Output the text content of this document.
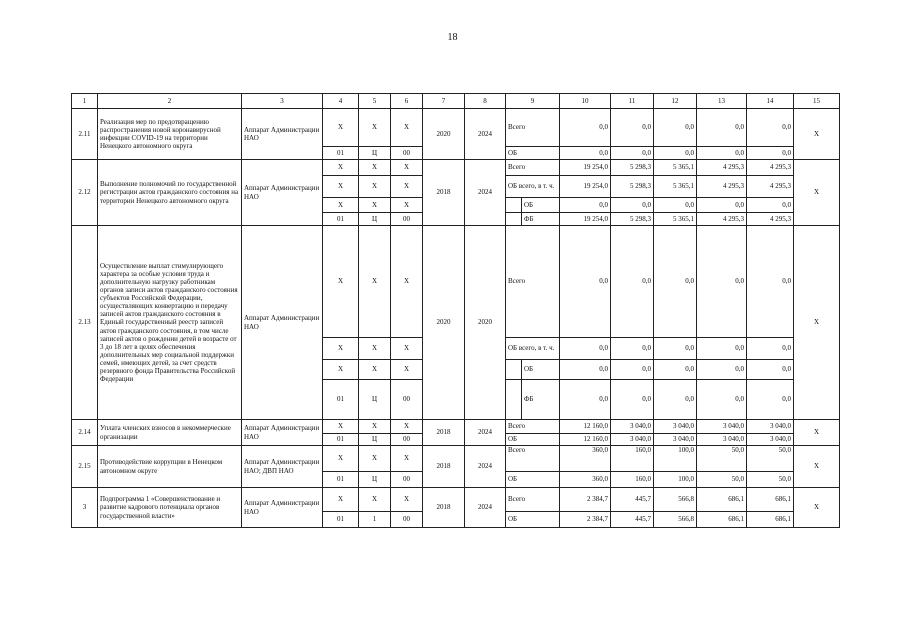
18
1	2	3	4	5	6	7	8	9		10	11	12	13	14	15
2.11	Реализация мер по предотвращению распространения новой коронавирусной инфекции COVID-19 на территории Ненецкого автономного округа	Аппарат Администрации НАО	Х	Х	Х	2020	2024	Всего		0,0	0,0	0,0	0,0	0,0	Х
			01	Ц	00			ОБ		0,0	0,0	0,0	0,0	0,0	
2.12	Выполнение полномочий по государственной регистрации актов гражданского состояния на территории Ненецкого автономного округа	Аппарат Администрации НАО	Х	Х	Х	2018	2024	Всего		19 254,0	5 298,3	5 365,1	4 295,3	4 295,3	Х
			Х	Х	Х			ОБ всего, в т. ч.		19 254,0	5 298,3	5 365,1	4 295,3	4 295,3	
			Х	Х	Х				ОБ	0,0	0,0	0,0	0,0	0,0	
			01	Ц	00				ФБ	19 254,0	5 298,3	5 365,1	4 295,3	4 295,3	
2.13	Осуществление выплат стимулирующего характера за особые условия труда и дополнительную нагрузку работникам органов записи актов гражданского состояния субъектов Российской Федерации, осуществляющих конвертацию и передачу записей актов гражданского состояния в Единый государственный реестр записей актов гражданского состояния, в том числе записей актов о рождении детей в возрасте от 3 до 18 лет в целях обеспечения дополнительных мер социальной поддержки семей, имеющих детей, за счет средств резервного фонда Правительства Российской Федерации	Аппарат Администрации НАО	Х	Х	Х	2020	2020	Всего		0,0	0,0	0,0	0,0	0,0	Х
			Х	Х	Х			ОБ всего, в т. ч.		0,0	0,0	0,0	0,0	0,0	
			Х	Х	Х				ОБ	0,0	0,0	0,0	0,0	0,0	
			01	Ц	00				ФБ	0,0	0,0	0,0	0,0	0,0	
2.14	Уплата членских взносов в некоммерческие организации	Аппарат Администрации НАО	Х	Х	Х	2018	2024	Всего		12 160,0	3 040,0	3 040,0	3 040,0	3 040,0	Х
			01	Ц	00			ОБ		12 160,0	3 040,0	3 040,0	3 040,0	3 040,0	
2.15	Противодействие коррупции в Ненецком автономном округе	Аппарат Администрации НАО; ДВП НАО	Х	Х	Х	2018	2024	Всего		360,0	160,0	100,0	50,0	50,0	Х
			01	Ц	00			ОБ		360,0	160,0	100,0	50,0	50,0	
3	Подпрограмма 1 «Совершенствование и развитие кадрового потенциала органов государственной власти»	Аппарат Администрации НАО	Х	Х	Х	2018	2024	Всего		2 384,7	445,7	566,8	686,1	686,1	Х
			01	1	00			ОБ		2 384,7	445,7	566,8	686,1	686,1	
